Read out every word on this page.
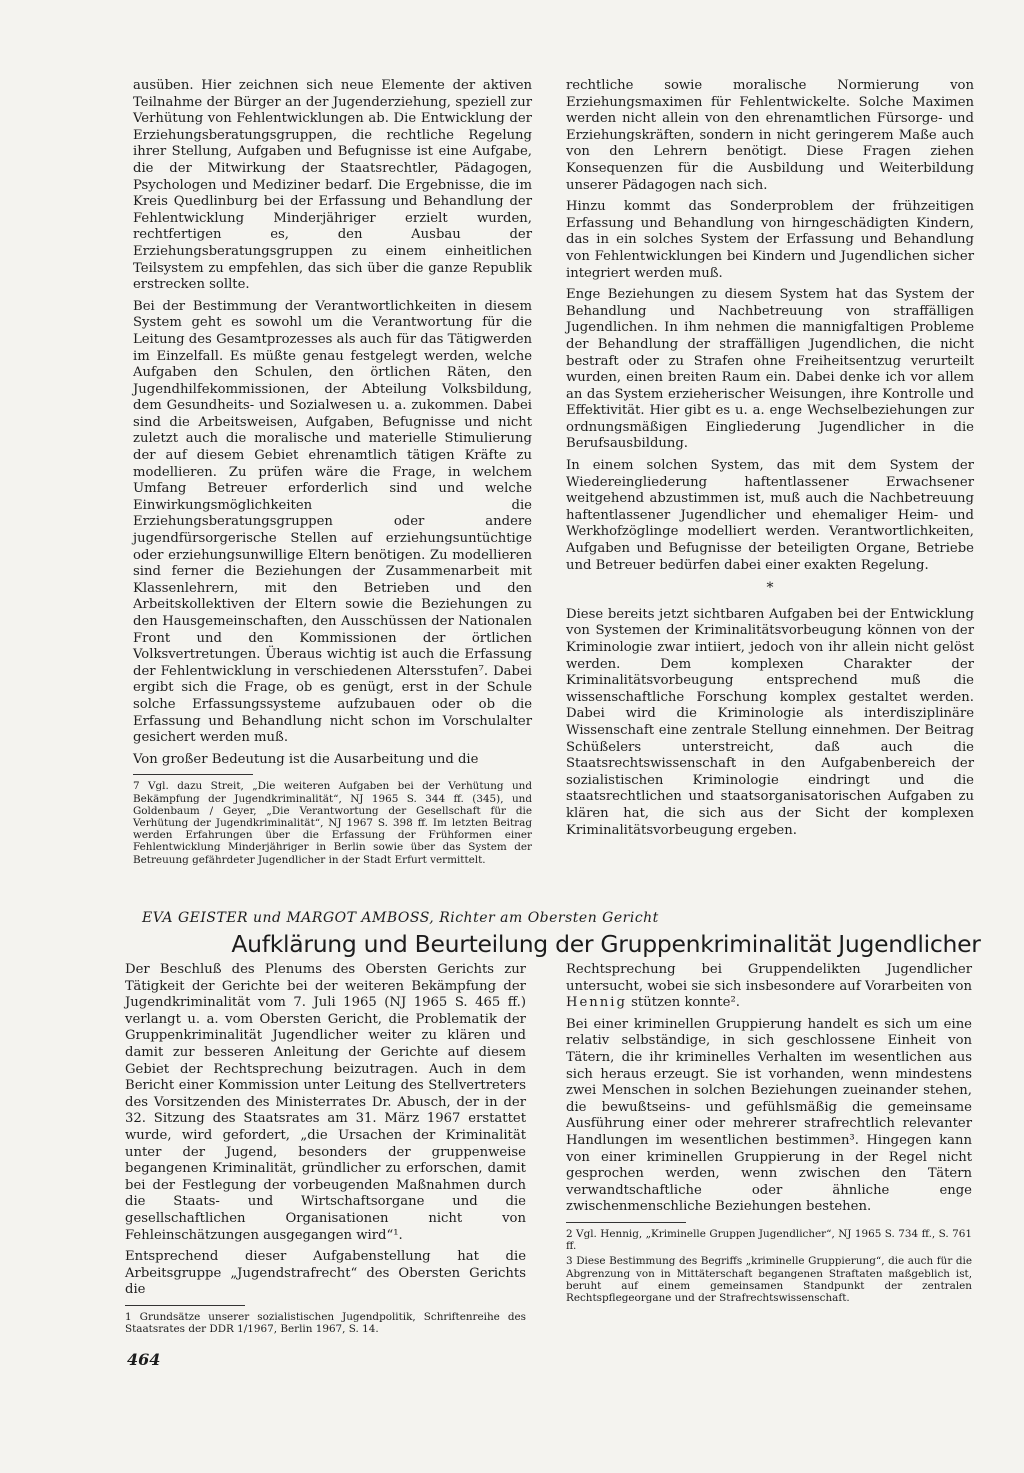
ausüben. Hier zeichnen sich neue Elemente der aktiven Teilnahme der Bürger an der Jugenderziehung, speziell zur Verhütung von Fehlentwicklungen ab. Die Entwicklung der Erziehungsberatungsgruppen, die rechtliche Regelung ihrer Stellung, Aufgaben und Befugnisse ist eine Aufgabe, die der Mitwirkung der Staatsrechtler, Pädagogen, Psychologen und Mediziner bedarf. Die Ergebnisse, die im Kreis Quedlinburg bei der Erfassung und Behandlung der Fehlentwicklung Minderjähriger erzielt wurden, rechtfertigen es, den Ausbau der Erziehungsberatungsgruppen zu einem einheitlichen Teilsystem zu empfehlen, das sich über die ganze Republik erstrecken sollte.

Bei der Bestimmung der Verantwortlichkeiten in diesem System geht es sowohl um die Verantwortung für die Leitung des Gesamtprozesses als auch für das Tätigwerden im Einzelfall. Es müßte genau festgelegt werden, welche Aufgaben den Schulen, den örtlichen Räten, den Jugendhilfekommissionen, der Abteilung Volksbildung, dem Gesundheits- und Sozialwesen u. a. zukommen. Dabei sind die Arbeitsweisen, Aufgaben, Befugnisse und nicht zuletzt auch die moralische und materielle Stimulierung der auf diesem Gebiet ehrenamtlich tätigen Kräfte zu modellieren. Zu prüfen wäre die Frage, in welchem Umfang Betreuer erforderlich sind und welche Einwirkungsmöglichkeiten die Erziehungsberatungsgruppen oder andere jugendfürsorgerische Stellen auf erziehungsuntüchtige oder erziehungsunwillige Eltern benötigen. Zu modellieren sind ferner die Beziehungen der Zusammenarbeit mit Klassenlehrern, mit den Betrieben und den Arbeitskollektiven der Eltern sowie die Beziehungen zu den Hausgemeinschaften, den Ausschüssen der Nationalen Front und den Kommissionen der örtlichen Volksvertretungen. Überaus wichtig ist auch die Erfassung der Fehlentwicklung in verschiedenen Altersstufen⁷. Dabei ergibt sich die Frage, ob es genügt, erst in der Schule solche Erfassungssysteme aufzubauen oder ob die Erfassung und Behandlung nicht schon im Vorschulalter gesichert werden muß.

Von großer Bedeutung ist die Ausarbeitung und die

7 Vgl. dazu Streit, „Die weiteren Aufgaben bei der Verhütung und Bekämpfung der Jugendkriminalität“, NJ 1965 S. 344 ff. (345), und Goldenbaum / Geyer, „Die Verantwortung der Gesellschaft für die Verhütung der Jugendkriminalität“, NJ 1967 S. 398 ff. Im letzten Beitrag werden Erfahrungen über die Erfassung der Frühformen einer Fehlentwicklung Minderjähriger in Berlin sowie über das System der Betreuung gefährdeter Jugendlicher in der Stadt Erfurt vermittelt.

rechtliche sowie moralische Normierung von Erziehungsmaximen für Fehlentwickelte. Solche Maximen werden nicht allein von den ehrenamtlichen Fürsorge- und Erziehungskräften, sondern in nicht geringerem Maße auch von den Lehrern benötigt. Diese Fragen ziehen Konsequenzen für die Ausbildung und Weiterbildung unserer Pädagogen nach sich.

Hinzu kommt das Sonderproblem der frühzeitigen Erfassung und Behandlung von hirngeschädigten Kindern, das in ein solches System der Erfassung und Behandlung von Fehlentwicklungen bei Kindern und Jugendlichen sicher integriert werden muß.

Enge Beziehungen zu diesem System hat das System der Behandlung und Nachbetreuung von straffälligen Jugendlichen. In ihm nehmen die mannigfaltigen Probleme der Behandlung der straffälligen Jugendlichen, die nicht bestraft oder zu Strafen ohne Freiheitsentzug verurteilt wurden, einen breiten Raum ein. Dabei denke ich vor allem an das System erzieherischer Weisungen, ihre Kontrolle und Effektivität. Hier gibt es u. a. enge Wechselbeziehungen zur ordnungsmäßigen Eingliederung Jugendlicher in die Berufsausbildung.

In einem solchen System, das mit dem System der Wiedereingliederung haftentlassener Erwachsener weitgehend abzustimmen ist, muß auch die Nachbetreuung haftentlassener Jugendlicher und ehemaliger Heim- und Werkhofzöglinge modelliert werden. Verantwortlichkeiten, Aufgaben und Befugnisse der beteiligten Organe, Betriebe und Betreuer bedürfen dabei einer exakten Regelung.

*

Diese bereits jetzt sichtbaren Aufgaben bei der Entwicklung von Systemen der Kriminalitätsvorbeugung können von der Kriminologie zwar intiiert, jedoch von ihr allein nicht gelöst werden. Dem komplexen Charakter der Kriminalitätsvorbeugung entsprechend muß die wissenschaftliche Forschung komplex gestaltet werden. Dabei wird die Kriminologie als interdisziplinäre Wissenschaft eine zentrale Stellung einnehmen. Der Beitrag Schüßelers unterstreicht, daß auch die Staatsrechtswissenschaft in den Aufgabenbereich der sozialistischen Kriminologie eindringt und die staatsrechtlichen und staatsorganisatorischen Aufgaben zu klären hat, die sich aus der Sicht der komplexen Kriminalitätsvorbeugung ergeben.

EVA GEISTER und MARGOT AMBOSS, Richter am Obersten Gericht
Aufklärung und Beurteilung der Gruppenkriminalität Jugendlicher

Der Beschluß des Plenums des Obersten Gerichts zur Tätigkeit der Gerichte bei der weiteren Bekämpfung der Jugendkriminalität vom 7. Juli 1965 (NJ 1965 S. 465 ff.) verlangt u. a. vom Obersten Gericht, die Problematik der Gruppenkriminalität Jugendlicher weiter zu klären und damit zur besseren Anleitung der Gerichte auf diesem Gebiet der Rechtsprechung beizutragen. Auch in dem Bericht einer Kommission unter Leitung des Stellvertreters des Vorsitzenden des Ministerrates Dr. Abusch, der in der 32. Sitzung des Staatsrates am 31. März 1967 erstattet wurde, wird gefordert, „die Ursachen der Kriminalität unter der Jugend, besonders der gruppenweise begangenen Kriminalität, gründlicher zu erforschen, damit bei der Festlegung der vorbeugenden Maßnahmen durch die Staats- und Wirtschaftsorgane und die gesellschaftlichen Organisationen nicht von Fehleinschätzungen ausgegangen wird“¹.

Entsprechend dieser Aufgabenstellung hat die Arbeitsgruppe „Jugendstrafrecht“ des Obersten Gerichts die

1 Grundsätze unserer sozialistischen Jugendpolitik, Schriftenreihe des Staatsrates der DDR 1/1967, Berlin 1967, S. 14.

Rechtsprechung bei Gruppendelikten Jugendlicher untersucht, wobei sie sich insbesondere auf Vorarbeiten von Hennig stützen konnte².

Bei einer kriminellen Gruppierung handelt es sich um eine relativ selbständige, in sich geschlossene Einheit von Tätern, die ihr kriminelles Verhalten im wesentlichen aus sich heraus erzeugt. Sie ist vorhanden, wenn mindestens zwei Menschen in solchen Beziehungen zueinander stehen, die bewußtseins- und gefühlsmäßig die gemeinsame Ausführung einer oder mehrerer strafrechtlich relevanter Handlungen im wesentlichen bestimmen³. Hingegen kann von einer kriminellen Gruppierung in der Regel nicht gesprochen werden, wenn zwischen den Tätern verwandtschaftliche oder ähnliche enge zwischenmenschliche Beziehungen bestehen.

2 Vgl. Hennig, „Kriminelle Gruppen Jugendlicher“, NJ 1965 S. 734 ff., S. 761 ff.

3 Diese Bestimmung des Begriffs „kriminelle Gruppierung“, die auch für die Abgrenzung von in Mittäterschaft begangenen Straftaten maßgeblich ist, beruht auf einem gemeinsamen Standpunkt der zentralen Rechtspflegeorgane und der Strafrechtswissenschaft.

464
